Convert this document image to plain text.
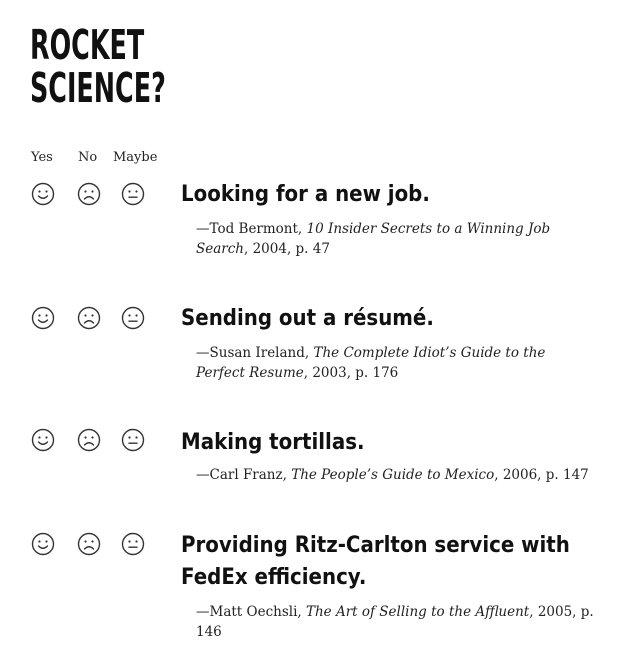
ROCKET
SCIENCE?
Yes No Maybe

Looking for a new job.

—Tod Bermont, 10 Insider Secrets to a Winning Job Search, 2004, p. 47

Sending out a résumé.

—Susan Ireland, The Complete Idiot’s Guide to the Perfect Resume, 2003, p. 176

Making tortillas.

—Carl Franz, The People’s Guide to Mexico, 2006, p. 147

Providing Ritz-Carlton service with FedEx efficiency.

—Matt Oechsli, The Art of Selling to the Affluent, 2005, p. 146
